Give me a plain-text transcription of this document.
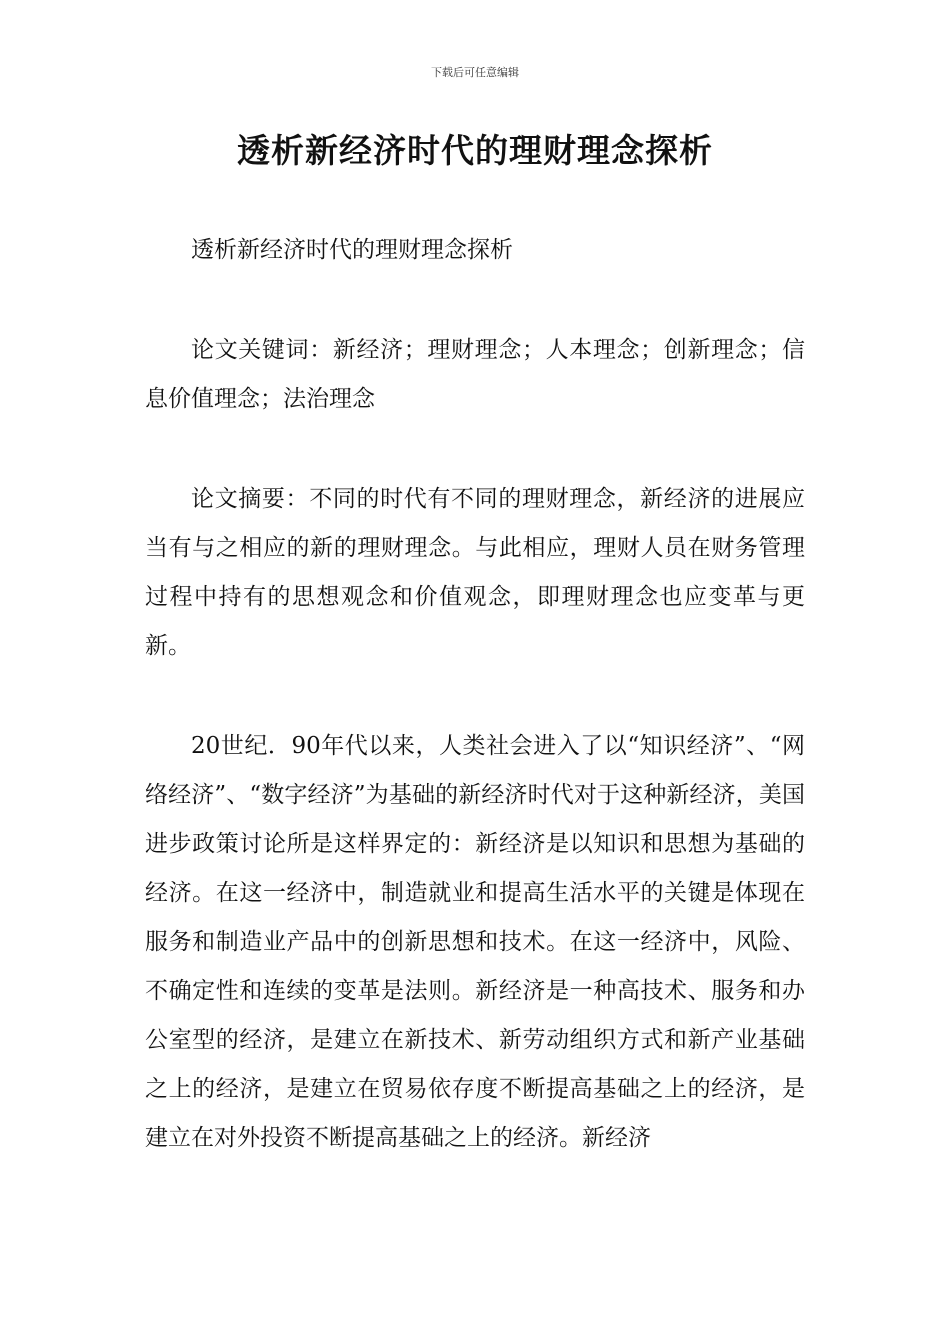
下载后可任意编辑
透析新经济时代的理财理念探析

透析新经济时代的理财理念探析

论文关键词：新经济；理财理念；人本理念；创新理念；信息价值理念；法治理念

论文摘要：不同的时代有不同的理财理念，新经济的进展应当有与之相应的新的理财理念。与此相应，理财人员在财务管理过程中持有的思想观念和价值观念，即理财理念也应变革与更新。

20世纪．90年代以来，人类社会进入了以“知识经济”、“网络经济”、“数字经济”为基础的新经济时代对于这种新经济，美国进步政策讨论所是这样界定的：新经济是以知识和思想为基础的经济。在这一经济中，制造就业和提高生活水平的关键是体现在服务和制造业产品中的创新思想和技术。在这一经济中，风险、不确定性和连续的变革是法则。新经济是一种高技术、服务和办公室型的经济，是建立在新技术、新劳动组织方式和新产业基础之上的经济，是建立在贸易依存度不断提高基础之上的经济，是建立在对外投资不断提高基础之上的经济。新经济
